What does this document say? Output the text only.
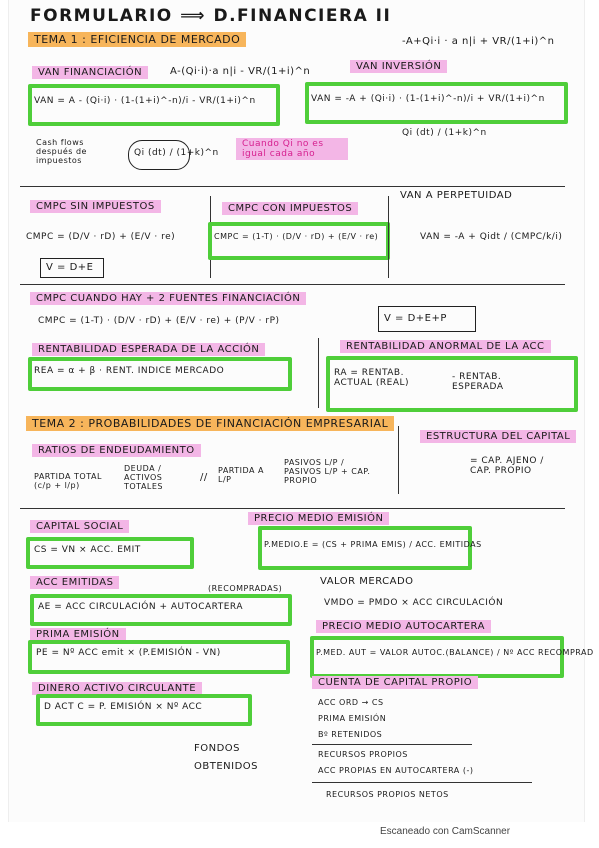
FORMULARIO ⟹ D.FINANCIERA II
TEMA 1 : EFICIENCIA DE MERCADO	-A+Qi·i · a n|i + VR/(1+i)^n
VAN FINANCIACIÓN	A-(Qi·i)·a n|i - VR/(1+i)^n	VAN INVERSIÓN
VAN = A - (Qi·i) · (1-(1+i)^-n)/i - VR/(1+i)^n	VAN = -A + (Qi·i) · (1-(1+i)^-n)/i + VR/(1+i)^n
Cash flows después de impuestos
Qi (dt) / (1+k)^n
Cuando Qi no es igual cada año
Qi (dt) / (1+k)^n
CMPC SIN IMPUESTOS
CMPC = (D/V · rD) + (E/V · re)
V = D+E
CMPC CON IMPUESTOS
CMPC = (1-T) · (D/V · rD) + (E/V · re)
VAN A PERPETUIDAD
VAN = -A + Qidt / (CMPC/k/i)
CMPC CUANDO HAY + 2 FUENTES FINANCIACIÓN
CMPC = (1-T) · (D/V · rD) + (E/V · re) + (P/V · rP)	V = D+E+P
RENTABILIDAD ESPERADA DE LA ACCIÓN
REA = α + β · RENT. INDICE MERCADO
RENTABILIDAD ANORMAL DE LA ACC
RA = RENTAB. ACTUAL (REAL)
- RENTAB. ESPERADA
TEMA 2 : PROBABILIDADES DE FINANCIACIÓN EMPRESARIAL
RATIOS DE ENDEUDAMIENTO
PARTIDA TOTAL (c/p + l/p)
DEUDA / ACTIVOS TOTALES
//
PARTIDA A L/P
PASIVOS L/P / PASIVOS L/P + CAP. PROPIO
ESTRUCTURA DEL CAPITAL
= CAP. AJENO / CAP. PROPIO
CAPITAL SOCIAL
CS = VN × ACC. EMIT
PRECIO MEDIO EMISIÓN
P.MEDIO.E = (CS + PRIMA EMIS) / ACC. EMITIDAS
ACC EMITIDAS
(RECOMPRADAS)
AE = ACC CIRCULACIÓN + AUTOCARTERA
VALOR MERCADO
VMDO = PMDO × ACC CIRCULACIÓN
PRIMA EMISIÓN
PE = Nº ACC emit × (P.EMISIÓN - VN)
PRECIO MEDIO AUTOCARTERA
P.MED. AUT = VALOR AUTOC.(BALANCE) / Nº ACC RECOMPRAD
DINERO ACTIVO CIRCULANTE
D ACT C = P. EMISIÓN × Nº ACC
FONDOS OBTENIDOS
CUENTA DE CAPITAL PROPIO
ACC ORD → CS
PRIMA EMISIÓN
Bº RETENIDOS
RECURSOS PROPIOS
ACC PROPIAS EN AUTOCARTERA (-)
RECURSOS PROPIOS NETOS
Escaneado con CamScanner
